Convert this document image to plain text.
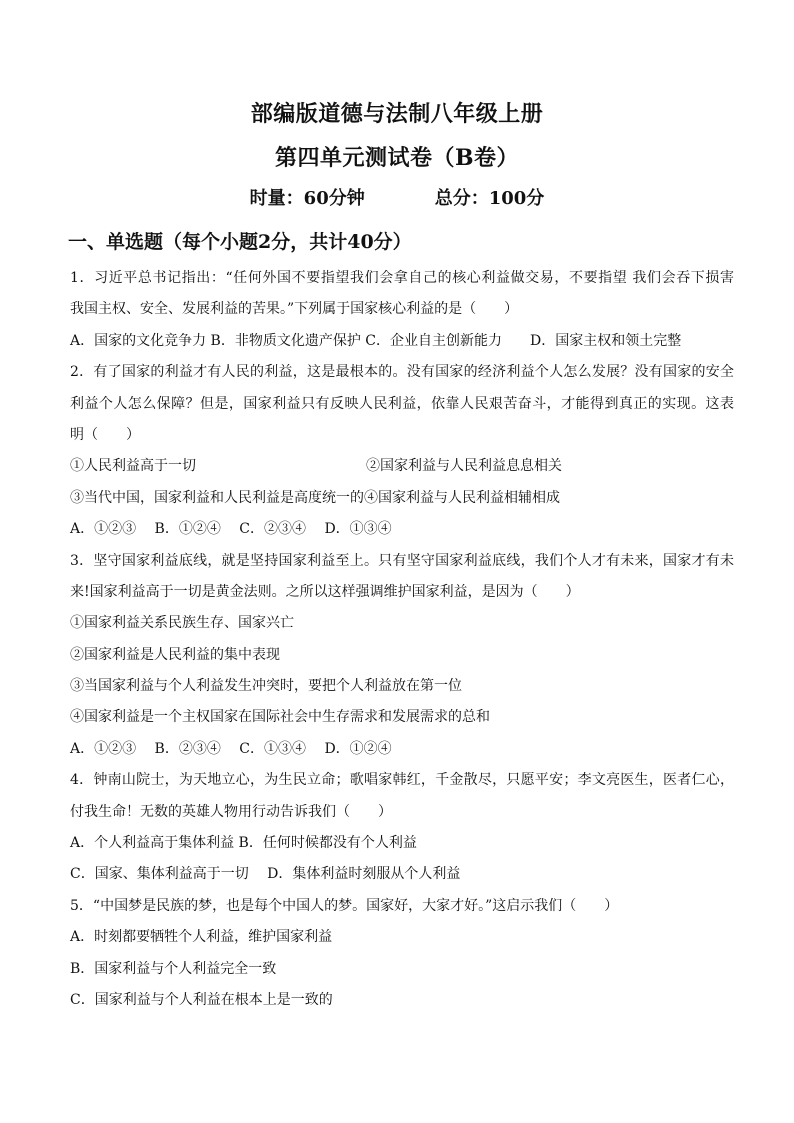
部编版道德与法制八年级上册
第四单元测试卷（B卷）
时量：60分钟	总分：100分
一、单选题（每个小题2分，共计40分）
1．习近平总书记指出：“任何外国不要指望我们会拿自己的核心利益做交易，不要指望 我们会吞下损害
我国主权、安全、发展利益的苦果。”下列属于国家核心利益的是（　　）
A．国家的文化竞争力 B．非物质文化遗产保护 C．企业自主创新能力　　D．国家主权和领土完整
2．有了国家的利益才有人民的利益，这是最根本的。没有国家的经济利益个人怎么发展？没有国家的安全
利益个人怎么保障？但是，国家利益只有反映人民利益，依靠人民艰苦奋斗，才能得到真正的实现。这表
明（　　）
①人民利益高于一切	②国家利益与人民利益息息相关
③当代中国，国家利益和人民利益是高度统一的④国家利益与人民利益相辅相成
A．①②③　 B．①②④　 C．②③④　 D．①③④
3．坚守国家利益底线，就是坚持国家利益至上。只有坚守国家利益底线，我们个人才有未来，国家才有未
来!国家利益高于一切是黄金法则。之所以这样强调维护国家利益，是因为（　　）
①国家利益关系民族生存、国家兴亡
②国家利益是人民利益的集中表现
③当国家利益与个人利益发生冲突时，要把个人利益放在第一位
④国家利益是一个主权国家在国际社会中生存需求和发展需求的总和
A．①②③　 B．②③④　 C．①③④　 D．①②④
4．钟南山院士，为天地立心，为生民立命；歌唱家韩红，千金散尽，只愿平安；李文亮医生，医者仁心，
付我生命！无数的英雄人物用行动告诉我们（　　）
A．个人利益高于集体利益 B．任何时候都没有个人利益
C．国家、集体利益高于一切　 D．集体利益时刻服从个人利益
5．“中国梦是民族的梦，也是每个中国人的梦。国家好，大家才好。”这启示我们（　　）
A．时刻都要牺牲个人利益，维护国家利益
B．国家利益与个人利益完全一致
C．国家利益与个人利益在根本上是一致的
